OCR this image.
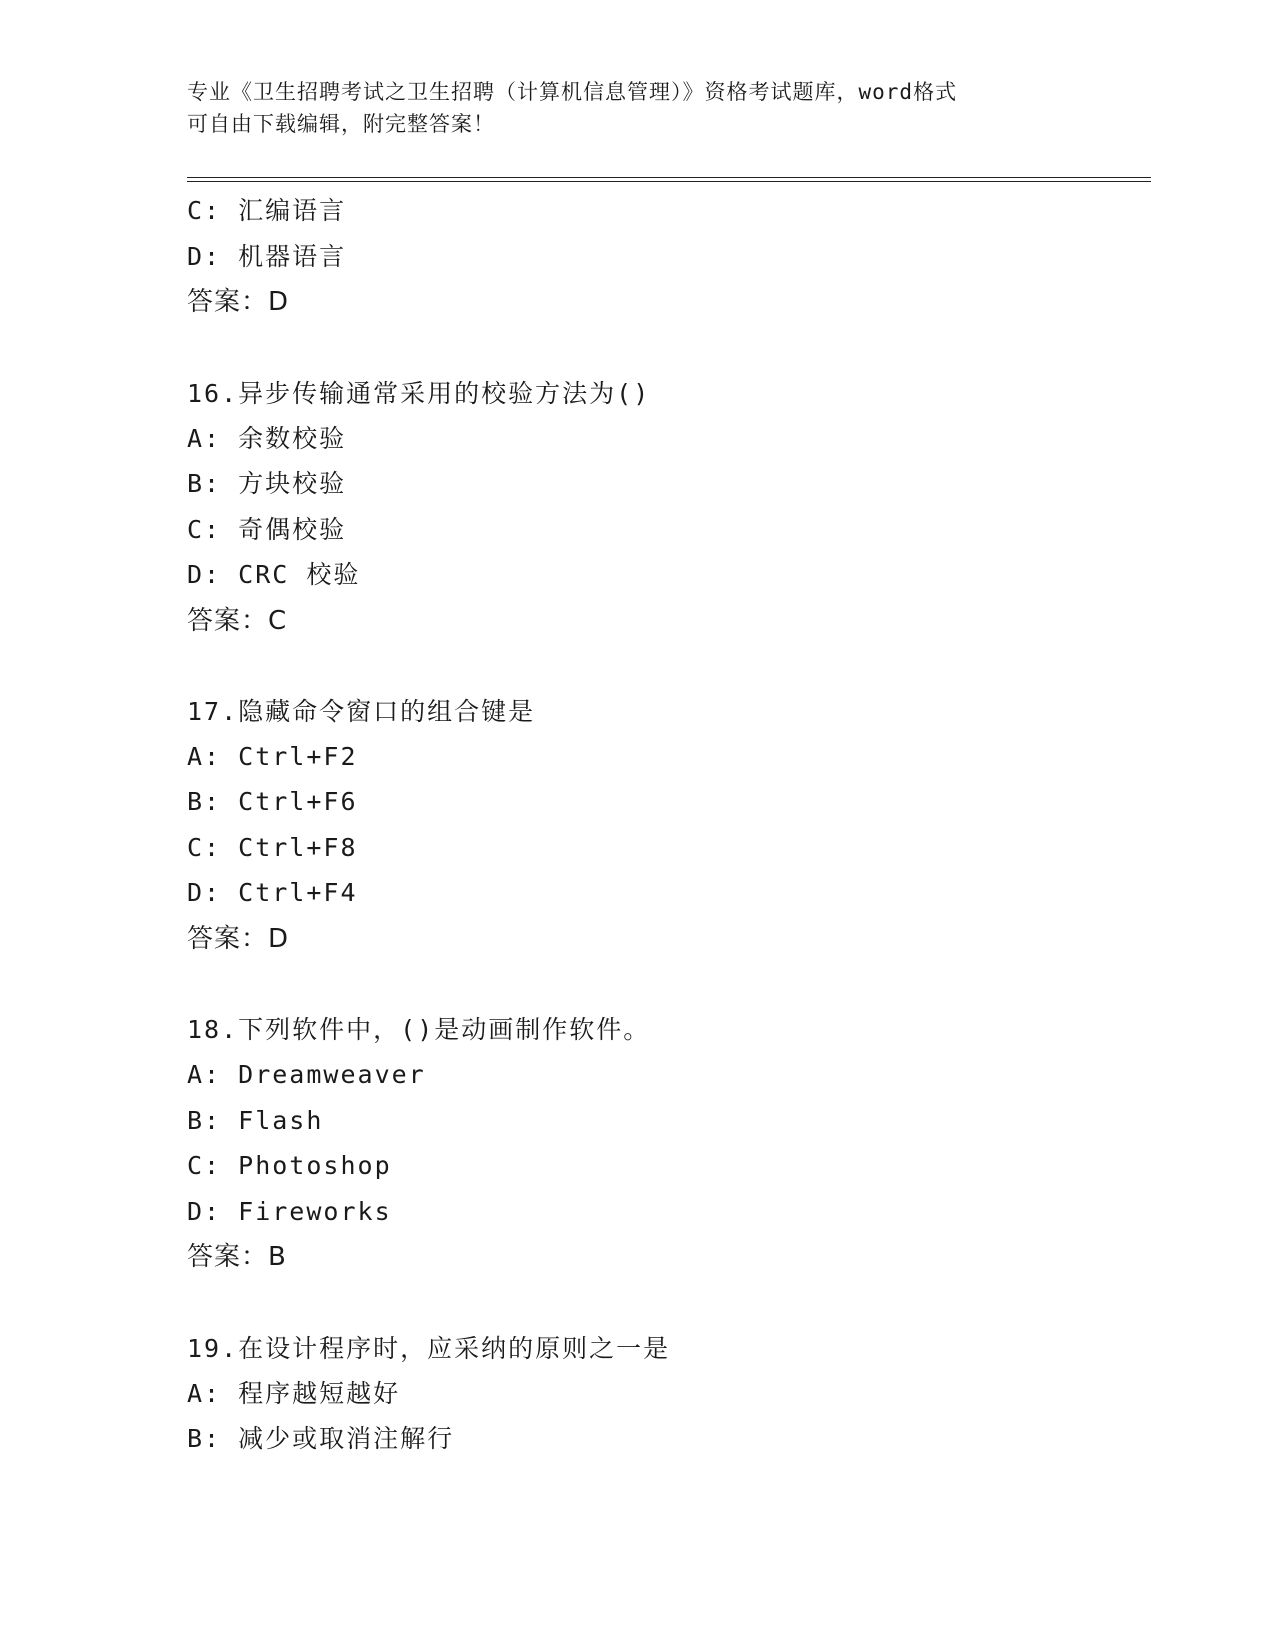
专业《卫生招聘考试之卫生招聘（计算机信息管理）》资格考试题库，word格式

可自由下载编辑，附完整答案！

C: 汇编语言

D: 机器语言

答案：D

16.异步传输通常采用的校验方法为()

A: 余数校验

B: 方块校验

C: 奇偶校验

D: CRC 校验

答案：C

17.隐藏命令窗口的组合键是

A: Ctrl+F2

B: Ctrl+F6

C: Ctrl+F8

D: Ctrl+F4

答案：D

18.下列软件中，()是动画制作软件。

A: Dreamweaver

B: Flash

C: Photoshop

D: Fireworks

答案：B

19.在设计程序时，应采纳的原则之一是

A: 程序越短越好

B: 减少或取消注解行
